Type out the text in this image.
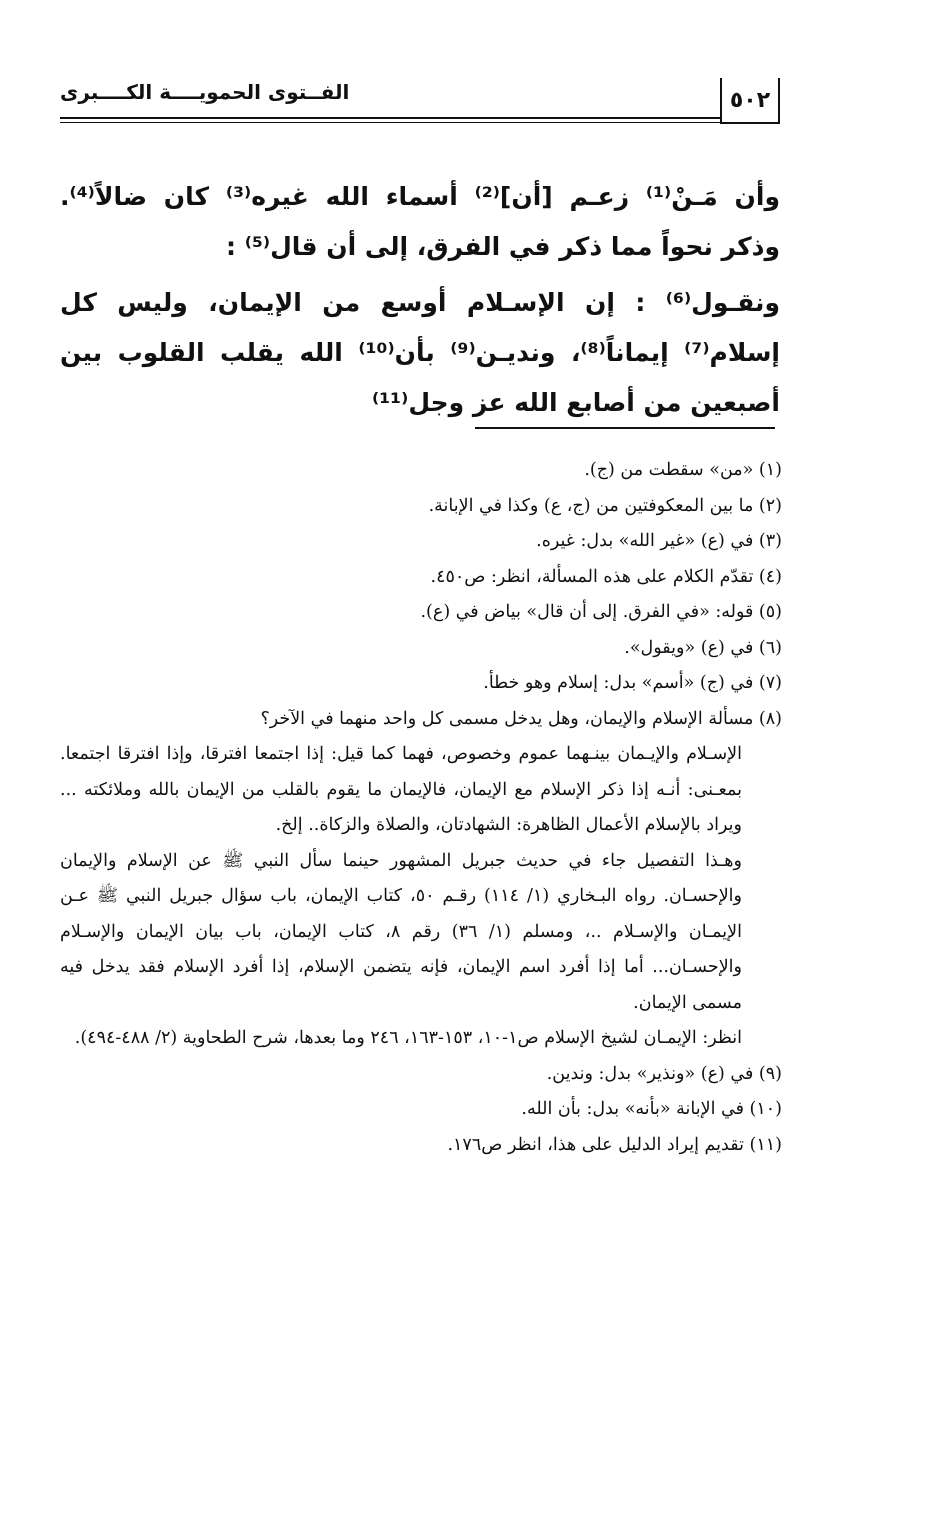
الفــتوى الحمويــــة الكــــبرى	٥٠٢

وأن مَـنْ⁽¹⁾ زعـم [أن]⁽²⁾ أسماء الله غيره⁽³⁾ كان ضالاً⁽⁴⁾. وذكر نحواً مما ذكر في الفرق، إلى أن قال⁽⁵⁾ :

ونقـول⁽⁶⁾ : إن الإسـلام أوسع من الإيمان، وليس كل إسلام⁽⁷⁾ إيماناً⁽⁸⁾، ونديـن⁽⁹⁾ بأن⁽¹⁰⁾ الله يقلب القلوب بين أصبعين من أصابع الله عز وجل⁽¹¹⁾

(١) «من» سقطت من (ج).

(٢) ما بين المعكوفتين من (ج، ع) وكذا في الإبانة.

(٣) في (ع) «غير الله» بدل: غيره.

(٤) تقدّم الكلام على هذه المسألة، انظر: ص٤٥٠.

(٥) قوله: «في الفرق. إلى أن قال» بياض في (ع).

(٦) في (ع) «ويقول».

(٧) في (ج) «أسم» بدل: إسلام وهو خطأ.

(٨) مسألة الإسلام والإيمان، وهل يدخل مسمى كل واحد منهما في الآخر؟

الإسـلام والإيـمان بينـهما عموم وخصوص، فهما كما قيل: إذا اجتمعا افترقا، وإذا افترقا اجتمعا. بمعـنى: أنـه إذا ذكر الإسلام مع الإيمان، فالإيمان ما يقوم بالقلب من الإيمان بالله وملائكته ... ويراد بالإسلام الأعمال الظاهرة: الشهادتان، والصلاة والزكاة.. إلخ.

وهـذا التفصيل جاء في حديث جبريل المشهور حينما سأل النبي ﷺ عن الإسلام والإيمان والإحسـان. رواه البـخاري (١/ ١١٤) رقـم ٥٠، كتاب الإيمان، باب سؤال جبريل النبي ﷺ عـن الإيمـان والإسـلام ..، ومسلم (١/ ٣٦) رقم ٨، كتاب الإيمان، باب بيان الإيمان والإسـلام والإحسـان... أما إذا أفرد اسم الإيمان، فإنه يتضمن الإسلام، إذا أفرد الإسلام فقد يدخل فيه مسمى الإيمان.

انظر: الإيمـان لشيخ الإسلام ص١-١٠، ١٥٣-١٦٣، ٢٤٦ وما بعدها، شرح الطحاوية (٢/ ٤٨٨-٤٩٤).

(٩) في (ع) «ونذير» بدل: وندين.

(١٠) في الإبانة «بأنه» بدل: بأن الله.

(١١) تقديم إيراد الدليل على هذا، انظر ص١٧٦.
